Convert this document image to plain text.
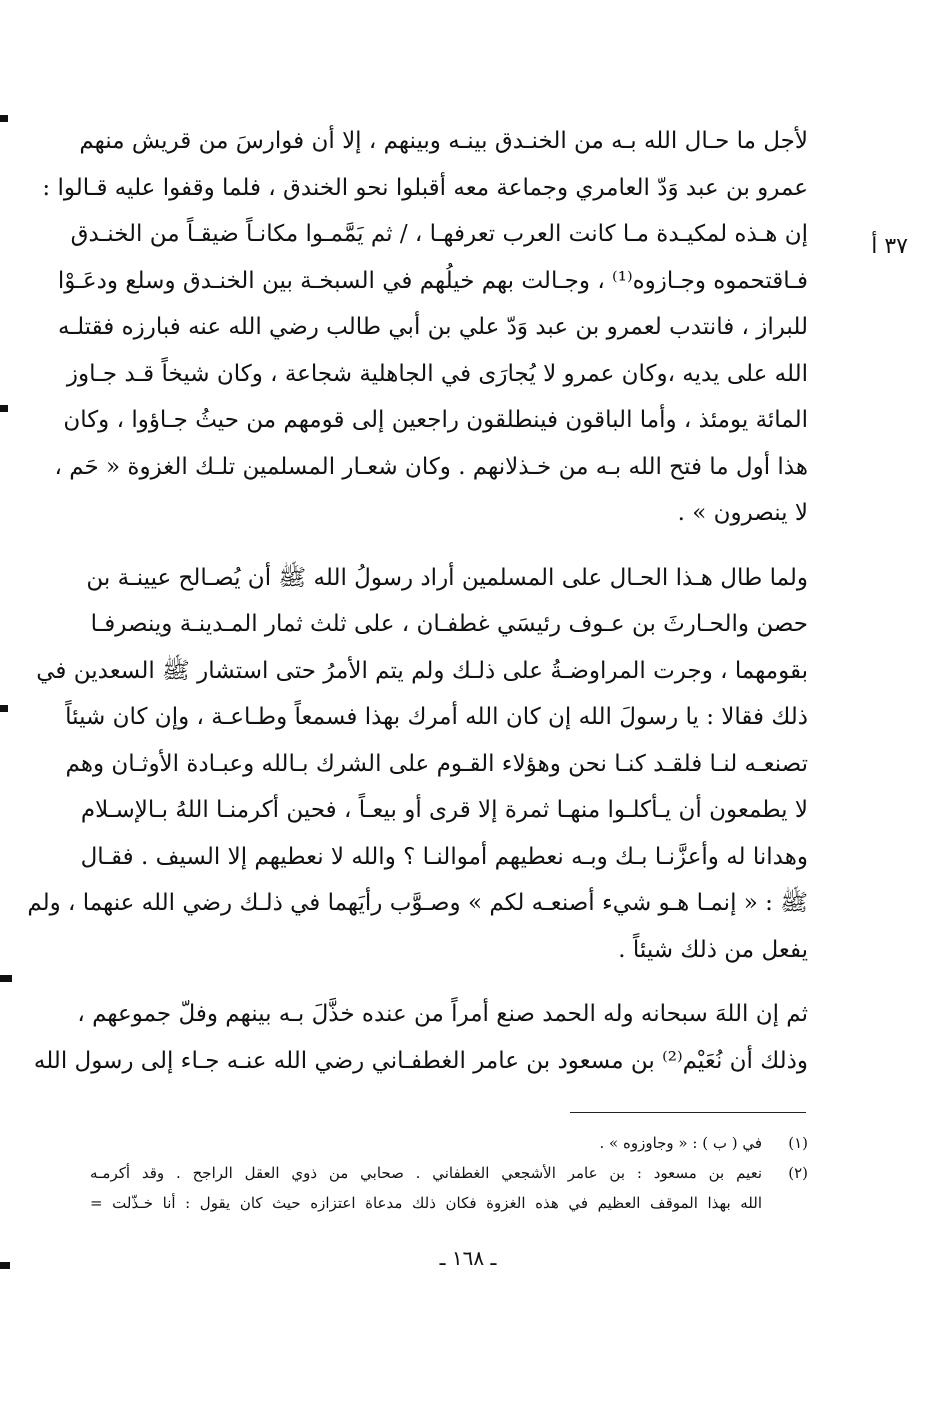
٣٧ أ
لأجل ما حـال الله بـه من الخنـدق بينـه وبينهم ، إلا أن فوارسَ من قريش منهم
عمرو بن عبد وَدّ العامري وجماعة معه أقبلوا نحو الخندق ، فلما وقفوا عليه قـالوا :
إن هـذه لمكيـدة مـا كانت العرب تعرفهـا ، / ثم يَمَّمـوا مكانـاً ضيقـاً من الخنـدق
فـاقتحموه وجـازوه⁽¹⁾ ، وجـالت بهم خيلُهم في السبخـة بين الخنـدق وسلع ودعَـوْا
للبراز ، فانتدب لعمرو بن عبد وَدّ علي بن أبي طالب رضي الله عنه فبارزه فقتلـه
الله على يديه ،وكان عمرو لا يُجارَى في الجاهلية شجاعة ، وكان شيخاً قـد جـاوز
المائة يومئذ ، وأما الباقون فينطلقون راجعين إلى قومهم من حيثُ جـاؤوا ، وكان
هذا أول ما فتح الله بـه من خـذلانهم . وكان شعـار المسلمين تلـك الغزوة « حَم ،
لا ينصرون » .
ولما طال هـذا الحـال على المسلمين أراد رسولُ الله ﷺ أن يُصـالح عيينـة بن
حصن والحـارثَ بن عـوف رئيسَي غطفـان ، على ثلث ثمار المـدينـة وينصرفـا
بقومهما ، وجرت المراوضـةُ على ذلـك ولم يتم الأمرُ حتى استشار ﷺ السعدين في
ذلك فقالا : يا رسولَ الله إن كان الله أمرك بهذا فسمعاً وطـاعـة ، وإن كان شيئاً
تصنعـه لنـا فلقـد كنـا نحن وهؤلاء القـوم على الشرك بـالله وعبـادة الأوثـان وهم
لا يطمعون أن يـأكلـوا منهـا ثمرة إلا قرى أو بيعـاً ، فحين أكرمنـا اللهُ بـالإسـلام
وهدانا له وأعزَّنـا بـك وبـه نعطيهم أموالنـا ؟ والله لا نعطيهم إلا السيف . فقـال
ﷺ : « إنمـا هـو شيء أصنعـه لكم » وصـوَّب رأيَهما في ذلـك رضي الله عنهما ، ولم
يفعل من ذلك شيئاً .
ثم إن اللهَ سبحانه وله الحمد صنع أمراً من عنده خذَّلَ بـه بينهم وفلّ جموعهم ،
وذلك أن نُعَيْم⁽²⁾ بن مسعود بن عامر الغطفـاني رضي الله عنـه جـاء إلى رسول الله
(١)
في ( ب ) : « وجاوزوه » .
(٢)
نعيم بن مسعود : بن عامر الأشجعي الغطفاني . صحابي من ذوي العقل الراجح . وقد أكرمـه
الله بهذا الموقف العظيم في هذه الغزوة فكان ذلك مدعاة اعتزازه حيث كان يقول : أنا خـذّلت =
ـ ١٦٨ ـ
